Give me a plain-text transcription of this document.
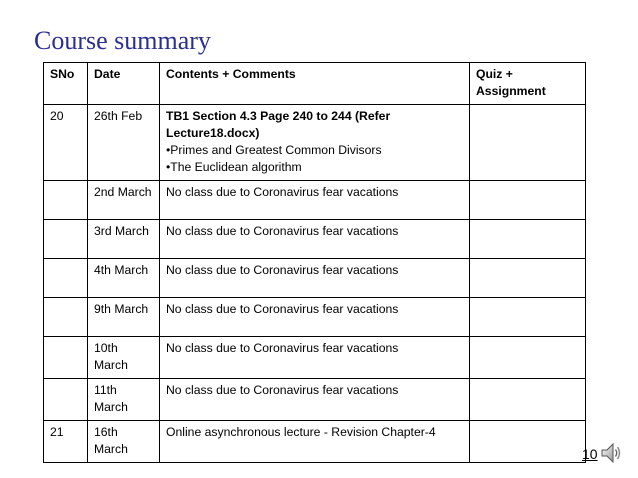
Course summary
SNo	Date	Contents + Comments	Quiz + Assignment
20	26th Feb	TB1 Section 4.3 Page 240 to 244 (Refer Lecture18.docx)
•Primes and Greatest Common Divisors
•The Euclidean algorithm	

	2nd March	No class due to Coronavirus fear vacations	
	3rd March	No class due to Coronavirus fear vacations	
	4th March	No class due to Coronavirus fear vacations	
	9th March	No class due to Coronavirus fear vacations	
	10th March	No class due to Coronavirus fear vacations	
	11th March	No class due to Coronavirus fear vacations	
21	16th March	Online asynchronous lecture - Revision Chapter-4	
10
